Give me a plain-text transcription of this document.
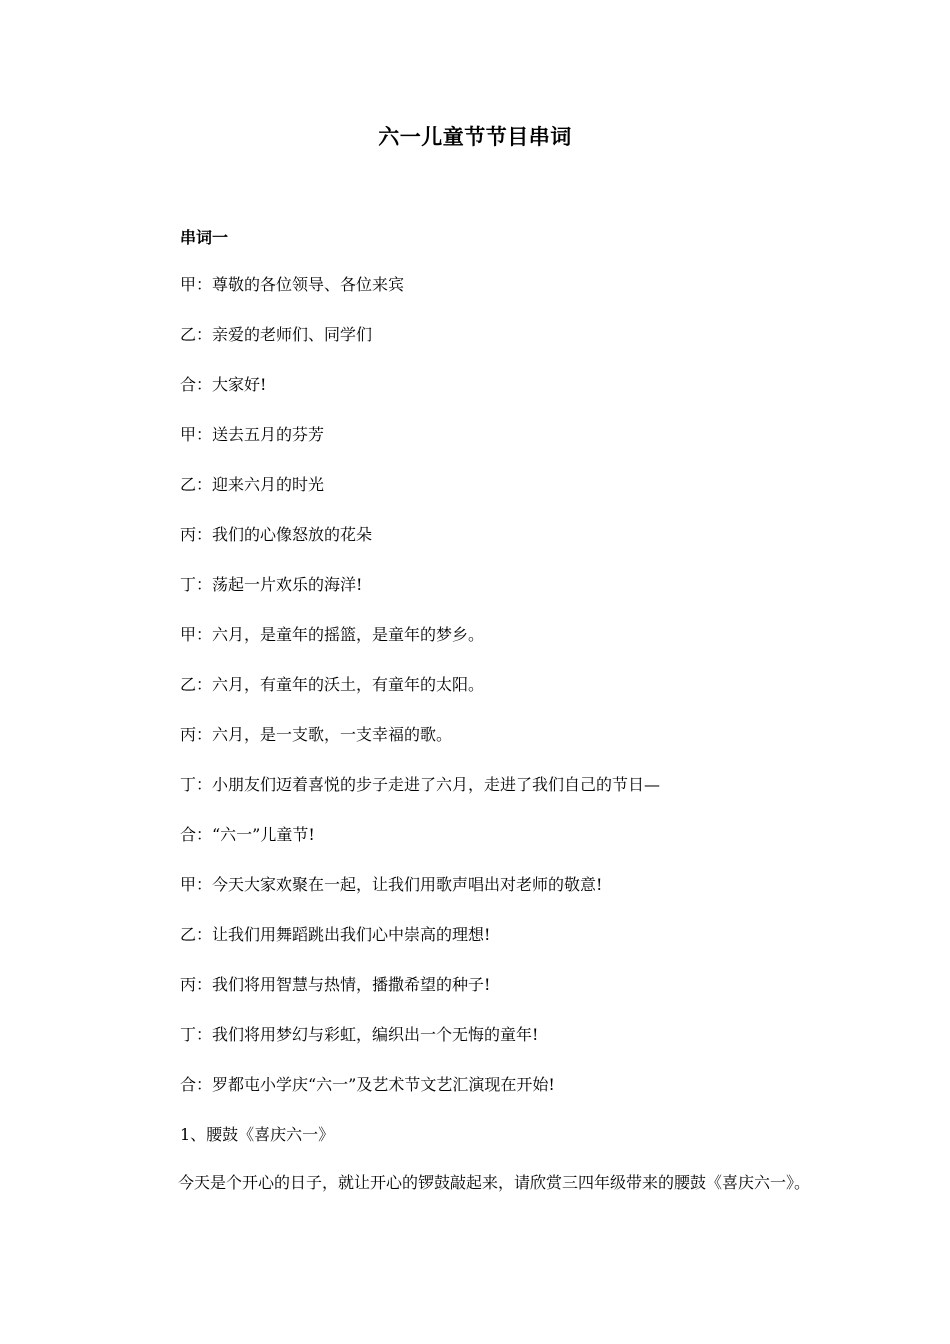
六一儿童节节目串词
串词一
甲：尊敬的各位领导、各位来宾
乙：亲爱的老师们、同学们
合：大家好!
甲：送去五月的芬芳
乙：迎来六月的时光
丙：我们的心像怒放的花朵
丁：荡起一片欢乐的海洋!
甲：六月，是童年的摇篮，是童年的梦乡。
乙：六月，有童年的沃土，有童年的太阳。
丙：六月，是一支歌，一支幸福的歌。
丁：小朋友们迈着喜悦的步子走进了六月，走进了我们自己的节日—
合：“六一”儿童节!
甲：今天大家欢聚在一起，让我们用歌声唱出对老师的敬意!
乙：让我们用舞蹈跳出我们心中崇高的理想!
丙：我们将用智慧与热情，播撒希望的种子!
丁：我们将用梦幻与彩虹，编织出一个无悔的童年!
合：罗都屯小学庆“六一”及艺术节文艺汇演现在开始!
1、腰鼓《喜庆六一》

今天是个开心的日子，就让开心的锣鼓敲起来，请欣赏三四年级带来的腰鼓《喜庆六一》。
